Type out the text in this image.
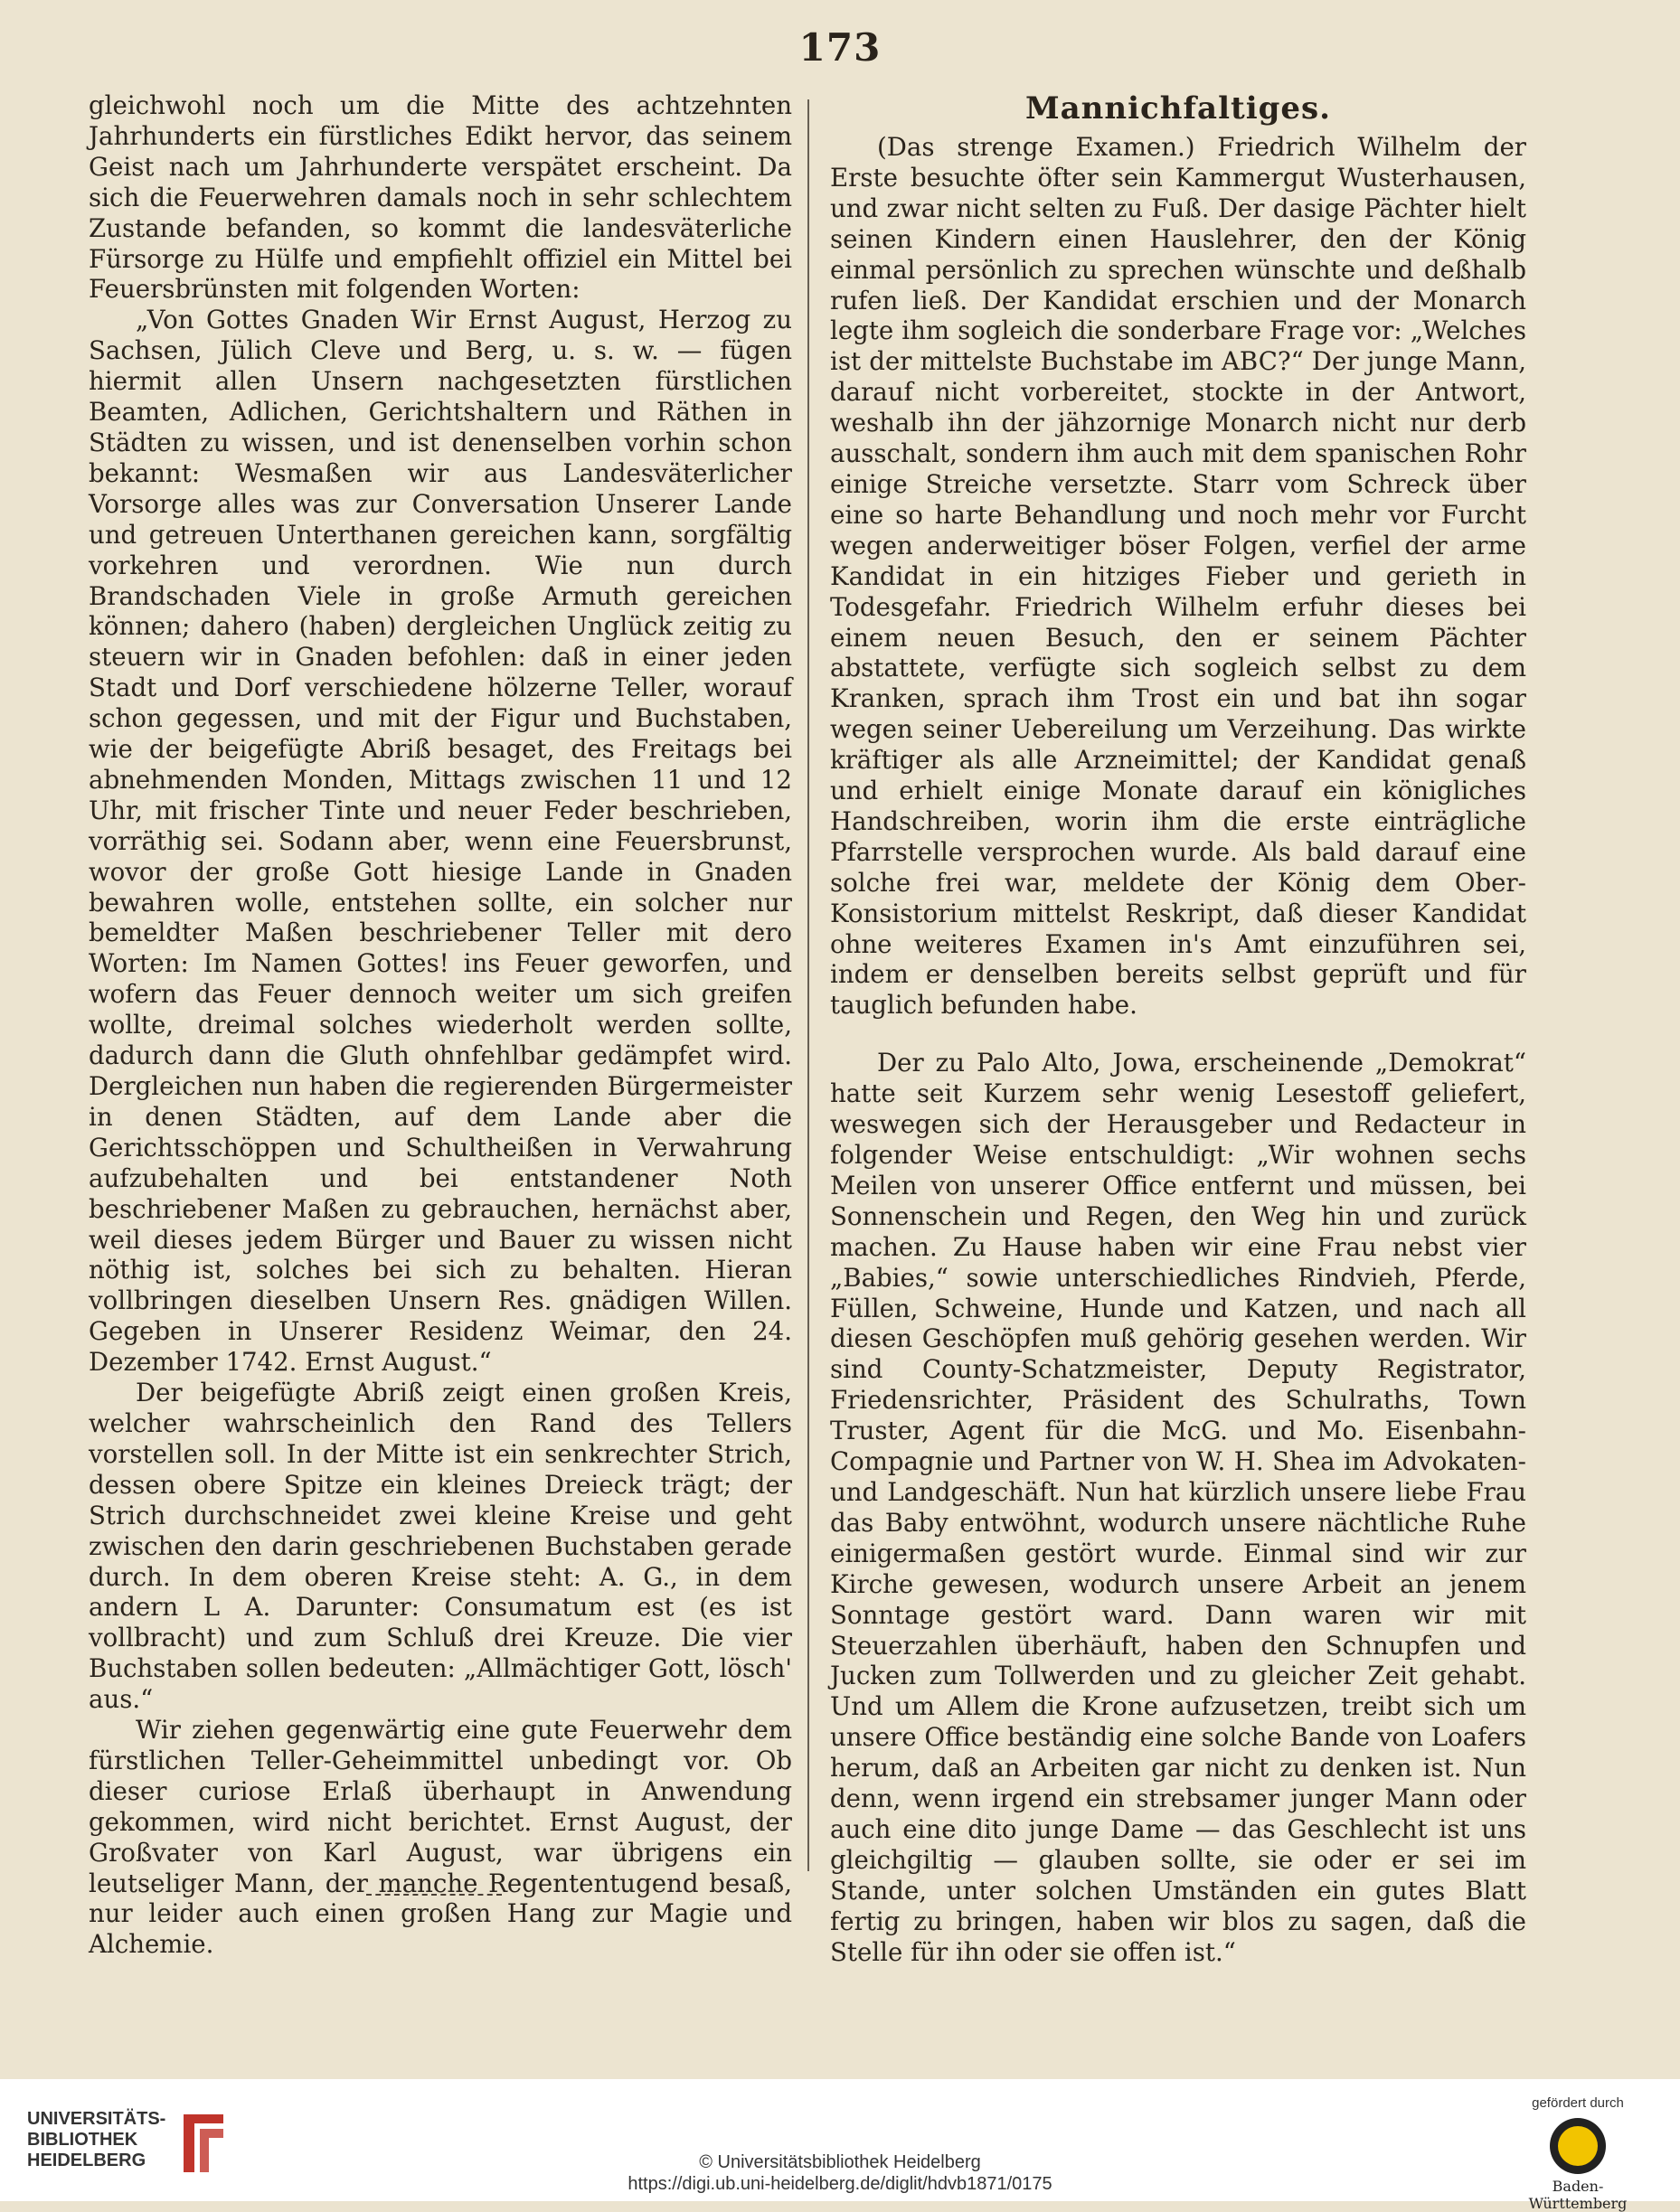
173

gleichwohl noch um die Mitte des achtzehnten Jahrhunderts ein fürstliches Edikt hervor, das seinem Geist nach um Jahrhunderte verspätet erscheint. Da sich die Feuerwehren damals noch in sehr schlechtem Zustande befanden, so kommt die landesväterliche Fürsorge zu Hülfe und empfiehlt offiziel ein Mittel bei Feuersbrünsten mit folgenden Worten:

„Von Gottes Gnaden Wir Ernst August, Herzog zu Sachsen, Jülich Cleve und Berg, u. s. w. — fügen hiermit allen Unsern nachgesetzten fürstlichen Beamten, Adlichen, Gerichtshaltern und Räthen in Städten zu wissen, und ist denenselben vorhin schon bekannt: Wesmaßen wir aus Landesväterlicher Vorsorge alles was zur Conversation Unserer Lande und getreuen Unterthanen gereichen kann, sorgfältig vorkehren und verordnen. Wie nun durch Brandschaden Viele in große Armuth gereichen können; dahero (haben) dergleichen Unglück zeitig zu steuern wir in Gnaden befohlen: daß in einer jeden Stadt und Dorf verschiedene hölzerne Teller, worauf schon gegessen, und mit der Figur und Buchstaben, wie der beigefügte Abriß besaget, des Freitags bei abnehmenden Monden, Mittags zwischen 11 und 12 Uhr, mit frischer Tinte und neuer Feder beschrieben, vorräthig sei. Sodann aber, wenn eine Feuersbrunst, wovor der große Gott hiesige Lande in Gnaden bewahren wolle, entstehen sollte, ein solcher nur bemeldter Maßen beschriebener Teller mit dero Worten: Im Namen Gottes! ins Feuer geworfen, und wofern das Feuer dennoch weiter um sich greifen wollte, dreimal solches wiederholt werden sollte, dadurch dann die Gluth ohnfehlbar gedämpfet wird. Dergleichen nun haben die regierenden Bürgermeister in denen Städten, auf dem Lande aber die Gerichtsschöppen und Schultheißen in Verwahrung aufzubehalten und bei entstandener Noth beschriebener Maßen zu gebrauchen, hernächst aber, weil dieses jedem Bürger und Bauer zu wissen nicht nöthig ist, solches bei sich zu behalten. Hieran vollbringen dieselben Unsern Res. gnädigen Willen. Gegeben in Unserer Residenz Weimar, den 24. Dezember 1742. Ernst August.“

Der beigefügte Abriß zeigt einen großen Kreis, welcher wahrscheinlich den Rand des Tellers vorstellen soll. In der Mitte ist ein senkrechter Strich, dessen obere Spitze ein kleines Dreieck trägt; der Strich durchschneidet zwei kleine Kreise und geht zwischen den darin geschriebenen Buchstaben gerade durch. In dem oberen Kreise steht: A. G., in dem andern L A. Darunter: Consumatum est (es ist vollbracht) und zum Schluß drei Kreuze. Die vier Buchstaben sollen bedeuten: „Allmächtiger Gott, lösch' aus.“

Wir ziehen gegenwärtig eine gute Feuerwehr dem fürstlichen Teller-Geheimmittel unbedingt vor. Ob dieser curiose Erlaß überhaupt in Anwendung gekommen, wird nicht berichtet. Ernst August, der Großvater von Karl August, war übrigens ein leutseliger Mann, der manche Regententugend besaß, nur leider auch einen großen Hang zur Magie und Alchemie.

Mannichfaltiges.

(Das strenge Examen.) Friedrich Wilhelm der Erste besuchte öfter sein Kammergut Wusterhausen, und zwar nicht selten zu Fuß. Der dasige Pächter hielt seinen Kindern einen Hauslehrer, den der König einmal persönlich zu sprechen wünschte und deßhalb rufen ließ. Der Kandidat erschien und der Monarch legte ihm sogleich die sonderbare Frage vor: „Welches ist der mittelste Buchstabe im ABC?“ Der junge Mann, darauf nicht vorbereitet, stockte in der Antwort, weshalb ihn der jähzornige Monarch nicht nur derb ausschalt, sondern ihm auch mit dem spanischen Rohr einige Streiche versetzte. Starr vom Schreck über eine so harte Behandlung und noch mehr vor Furcht wegen anderweitiger böser Folgen, verfiel der arme Kandidat in ein hitziges Fieber und gerieth in Todesgefahr. Friedrich Wilhelm erfuhr dieses bei einem neuen Besuch, den er seinem Pächter abstattete, verfügte sich sogleich selbst zu dem Kranken, sprach ihm Trost ein und bat ihn sogar wegen seiner Uebereilung um Verzeihung. Das wirkte kräftiger als alle Arzneimittel; der Kandidat genaß und erhielt einige Monate darauf ein königliches Handschreiben, worin ihm die erste einträgliche Pfarrstelle versprochen wurde. Als bald darauf eine solche frei war, meldete der König dem Ober-Konsistorium mittelst Reskript, daß dieser Kandidat ohne weiteres Examen in's Amt einzuführen sei, indem er denselben bereits selbst geprüft und für tauglich befunden habe.

Der zu Palo Alto, Jowa, erscheinende „Demokrat“ hatte seit Kurzem sehr wenig Lesestoff geliefert, weswegen sich der Herausgeber und Redacteur in folgender Weise entschuldigt: „Wir wohnen sechs Meilen von unserer Office entfernt und müssen, bei Sonnenschein und Regen, den Weg hin und zurück machen. Zu Hause haben wir eine Frau nebst vier „Babies,“ sowie unterschiedliches Rindvieh, Pferde, Füllen, Schweine, Hunde und Katzen, und nach all diesen Geschöpfen muß gehörig gesehen werden. Wir sind County-Schatzmeister, Deputy Registrator, Friedensrichter, Präsident des Schulraths, Town Truster, Agent für die McG. und Mo. Eisenbahn-Compagnie und Partner von W. H. Shea im Advokaten- und Landgeschäft. Nun hat kürzlich unsere liebe Frau das Baby entwöhnt, wodurch unsere nächtliche Ruhe einigermaßen gestört wurde. Einmal sind wir zur Kirche gewesen, wodurch unsere Arbeit an jenem Sonntage gestört ward. Dann waren wir mit Steuerzahlen überhäuft, haben den Schnupfen und Jucken zum Tollwerden und zu gleicher Zeit gehabt. Und um Allem die Krone aufzusetzen, treibt sich um unsere Office beständig eine solche Bande von Loafers herum, daß an Arbeiten gar nicht zu denken ist. Nun denn, wenn irgend ein strebsamer junger Mann oder auch eine dito junge Dame — das Geschlecht ist uns gleichgiltig — glauben sollte, sie oder er sei im Stande, unter solchen Umständen ein gutes Blatt fertig zu bringen, haben wir blos zu sagen, daß die Stelle für ihn oder sie offen ist.“

UNIVERSITÄTS-
BIBLIOTHEK
HEIDELBERG	© Universitätsbibliothek Heidelberg
https://digi.ub.uni-heidelberg.de/diglit/hdvb1871/0175
gefördert durch
Baden-Württemberg
